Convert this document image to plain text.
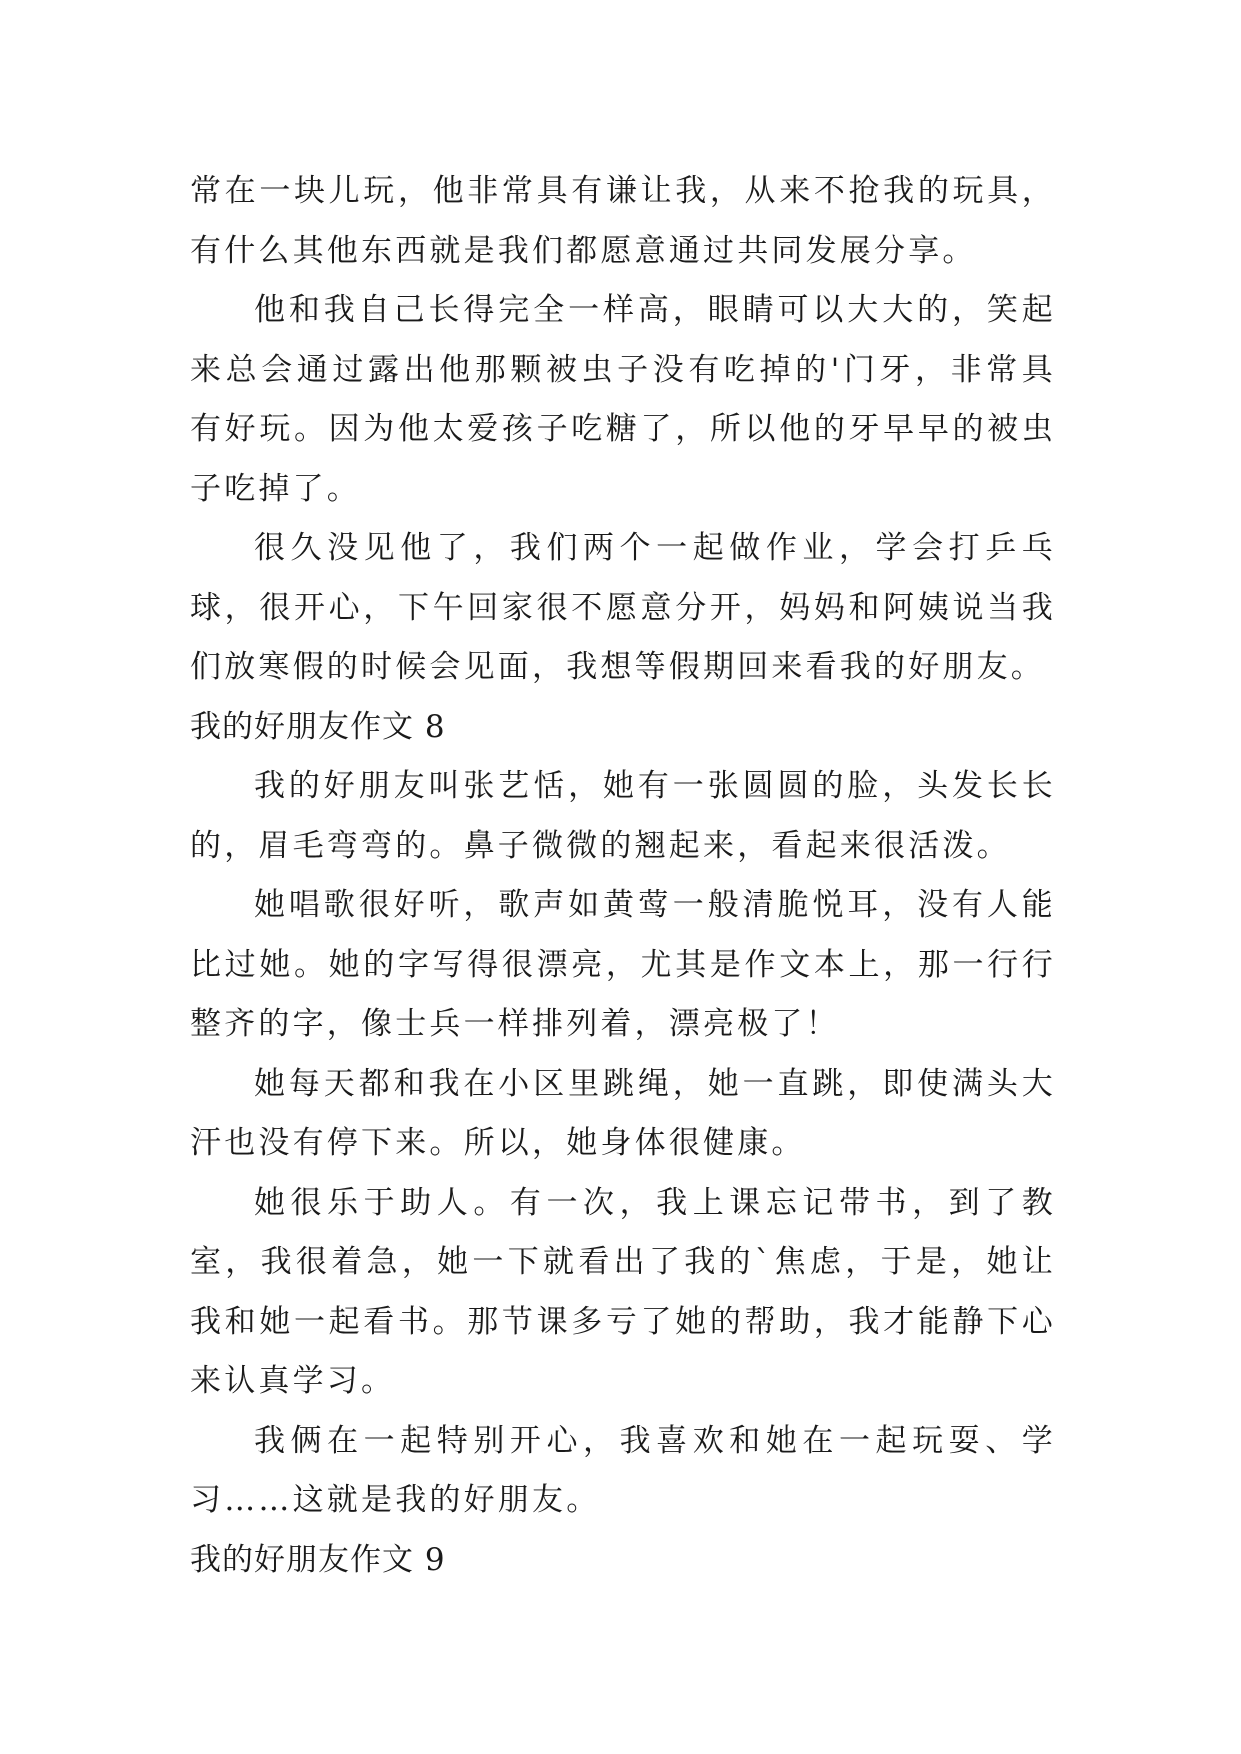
常在一块儿玩，他非常具有谦让我，从来不抢我的玩具，有什么其他东西就是我们都愿意通过共同发展分享。

他和我自己长得完全一样高，眼睛可以大大的，笑起来总会通过露出他那颗被虫子没有吃掉的'门牙，非常具有好玩。因为他太爱孩子吃糖了，所以他的牙早早的被虫子吃掉了。

很久没见他了，我们两个一起做作业，学会打乒乓球，很开心，下午回家很不愿意分开，妈妈和阿姨说当我们放寒假的时候会见面，我想等假期回来看我的好朋友。

我的好朋友作文 8

我的好朋友叫张艺恬，她有一张圆圆的脸，头发长长的，眉毛弯弯的。鼻子微微的翘起来，看起来很活泼。

她唱歌很好听，歌声如黄莺一般清脆悦耳，没有人能比过她。她的字写得很漂亮，尤其是作文本上，那一行行整齐的字，像士兵一样排列着，漂亮极了！

她每天都和我在小区里跳绳，她一直跳，即使满头大汗也没有停下来。所以，她身体很健康。

她很乐于助人。有一次，我上课忘记带书，到了教室，我很着急，她一下就看出了我的`焦虑，于是，她让我和她一起看书。那节课多亏了她的帮助，我才能静下心来认真学习。

我俩在一起特别开心，我喜欢和她在一起玩耍、学习……这就是我的好朋友。

我的好朋友作文 9
